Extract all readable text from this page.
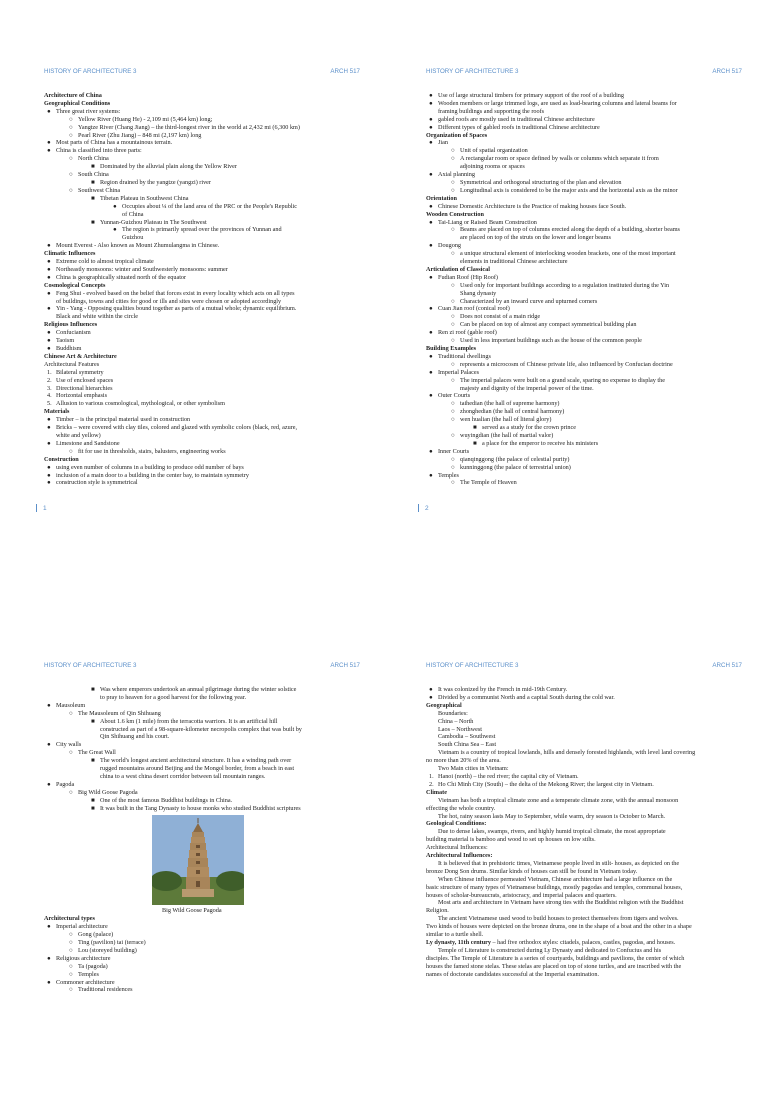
HISTORY OF ARCHITECTURE 3	ARCH 517
Architecture of China
Geographical Conditions
● Three great river systems:
○ Yellow River (Huang He) - 2,109 mi (5,464 km) long;
○ Yangtze River (Chang Jiang) – the third-longest river in the world at 2,432 mi (6,300 km)
○ Pearl River (Zhu Jiang) – 848 mi (2,197 km) long
● Most parts of China has a mountainous terrain.
● China is classified into three parts:
○ North China
■ Dominated by the alluvial plain along the Yellow River
○ South China
■ Region drained by the yangtze (yangzi) river
○ Southwest China
■ Tibetan Plateau in Southwest China
● Occupies about ¼ of the land area of the PRC or the People's Republic
of China
■ Yunnan-Guizhou Plateau in The Southwest
● The region is primarily spread over the provinces of Yunnan and
Guizhou
● Mount Everest - Also known as Mount Zhumulangma in Chinese.
Climatic Influences
● Extreme cold to almost tropical climate
● Northeastly monsoons: winter and Southwesterly monsoons: summer
● China is geographically situated north of the equator
Cosmological Concepts
● Feng Shui - evolved based on the belief that forces exist in every locality which acts on all types
of buildings, towns and cities for good or ills and sites were chosen or adopted accordingly
● Yin - Yang - Opposing qualities bound together as parts of a mutual whole; dynamic equilibrium.
Black and white within the circle
Religious Influences
● Confucianism
● Taoism
● Buddhism
Chinese Art & Architecture
Architectural Features
1. Bilateral symmetry
2. Use of enclosed spaces
3. Directional hierarchies
4. Horizontal emphasis
5. Allusion to various cosmological, mythological, or other symbolism
Materials
● Timber – is the principal material used in construction
● Bricks – were covered with clay tiles, colored and glazed with symbolic colors (black, red, azure,
white and yellow)
● Limestone and Sandstone
○ fit for use in thresholds, stairs, balusters, engineering works
Construction
● using even number of columns in a building to produce odd number of bays
● inclusion of a main door to a building in the center bay, to maintain symmetry
● construction style is symmetrical
1
HISTORY OF ARCHITECTURE 3	ARCH 517
● Use of large structural timbers for primary support of the roof of a building
● Wooden members or large trimmed logs, are used as load-bearing columns and lateral beams for
framing buildings and supporting the roofs
● gabled roofs are mostly used in traditional Chinese architecture
● Different types of gabled roofs in traditional Chinese architecture
Organization of Spaces
● Jian
○ Unit of spatial organization
○ A rectangular room or space defined by walls or columns which separate it from
adjoining rooms or spaces
● Axial planning
○ Symmetrical and orthogonal structuring of the plan and elevation
○ Longitudinal axis is considered to be the major axis and the horizontal axis as the minor
Orientation
● Chinese Domestic Architecture is the Practice of making houses face South.
Wooden Construction
● Tai-Liang or Raised Beam Construction
○ Beams are placed on top of columns erected along the depth of a building, shorter beams
are placed on top of the struts on the lower and longer beams
● Dougong
○ a unique structural element of interlocking wooden brackets, one of the most important
elements in traditional Chinese architecture
Articulation of Classical
● Fudian Roof (Hip Roof)
○ Used only for important buildings according to a regulation instituted during the Yin
Shang dynasty
○ Characterized by an inward curve and upturned corners
● Cuan Jian roof (conical roof)
○ Does not consist of a main ridge
○ Can be placed on top of almost any compact symmetrical building plan
● Ren zi roof (gable roof)
○ Used in less important buildings such as the house of the common people
Building Examples
● Traditional dwellings
○ represents a microcosm of Chinese private life, also influenced by Confucian doctrine
● Imperial Palaces
○ The imperial palaces were built on a grand scale, sparing no expense to display the
majesty and dignity of the imperial power of the time.
● Outer Courts
○ taihedian (the hall of supreme harmony)
○ zhonghedian (the hall of central harmony)
○ wen hualian (the hall of literal glory)
■ served as a study for the crown prince
○ wuyingdian (the hall of martial valor)
■ a place for the emperor to receive his ministers
● Inner Courts
○ qianqinggong (the palace of celestial purity)
○ kunninggong (the palace of terrestrial union)
● Temples
○ The Temple of Heaven
2
HISTORY OF ARCHITECTURE 3	ARCH 517
■ Was where emperors undertook an annual pilgrimage during the winter solstice
to pray to heaven for a good harvest for the following year.
● Mausoleum
○ The Mausoleum of Qin Shihuang
■ About 1.6 km (1 mile) from the terracotta warriors. It is an artificial hill
constructed as part of a 98-square-kilometer necropolis complex that was built by
Qin Shihuang and his court.
● City walls
○ The Great Wall
■ The world's longest ancient architectural structure. It has a winding path over
rugged mountains around Beijing and the Mongol border, from a beach in east
china to a west china desert corridor between tall mountain ranges.
● Pagoda
○ Big Wild Goose Pagoda
■ One of the most famous Buddhist buildings in China.
■ It was built in the Tang Dynasty to house monks who studied Buddhist scriptures
Big Wild Goose Pagoda
Architectural types
● Imperial architecture
○ Gong (palace)
○ Ting (pavilion) tai (terrace)
○ Lou (storeyed building)
● Religious architecture
○ Ta (pagoda)
○ Temples
● Commoner architecture
○ Traditional residences
HISTORY OF ARCHITECTURE 3	ARCH 517
● It was colonized by the French in mid-19th Century.
● Divided by a communist North and a capital South during the cold war.
Geographical
Boundaries:
China – North
Laos – Northwest
Cambodia – Southwest
South China Sea – East
Vietnam is a country of tropical lowlands, hills and densely forested highlands, with level land covering
no more than 20% of the area.
Two Main cities in Vietnam:
1. Hanoi (north) – the red river; the capital city of Vietnam.
2. Ho Chi Minh City (South) – the delta of the Mekong River; the largest city in Vietnam.
Climate
Vietnam has both a tropical climate zone and a temperate climate zone, with the annual monsoon
effecting the whole country.
The hot, rainy season lasts May to September, while warm, dry season is October to March.
Geological Conditions:
Due to dense lakes, swamps, rivers, and highly humid tropical climate, the most appropriate
building material is bamboo and wood to set up houses on low stilts.
Architectural Influences:
Architectural Influences:
It is believed that in prehistoric times, Vietnamese people lived in stilt- houses, as depicted on the
bronze Dong Son drums. Similar kinds of houses can still be found in Vietnam today.
When Chinese influence permeated Vietnam, Chinese architecture had a large influence on the
basic structure of many types of Vietnamese buildings, mostly pagodas and temples, communal houses,
houses of scholar-bureaucrats, aristocracy, and imperial palaces and quarters.
Most arts and architecture in Vietnam have strong ties with the Buddhist religion with the Buddhist
Religion.
The ancient Vietnamese used wood to build houses to protect themselves from tigers and wolves.
Two kinds of houses were depicted on the bronze drums, one in the shape of a boat and the other in a shape
similar to a turtle shell.
Ly dynasty, 11th century – had five orthodox styles: citadels, palaces, castles, pagodas, and houses.
Temple of Literature is constructed during Ly Dynasty and dedicated to Confucius and his
disciples. The Temple of Literature is a series of courtyards, buildings and pavilions, the center of which
houses the famed stone stelas. These stelas are placed on top of stone turtles, and are inscribed with the
names of doctorate candidates successful at the Imperial examination.
